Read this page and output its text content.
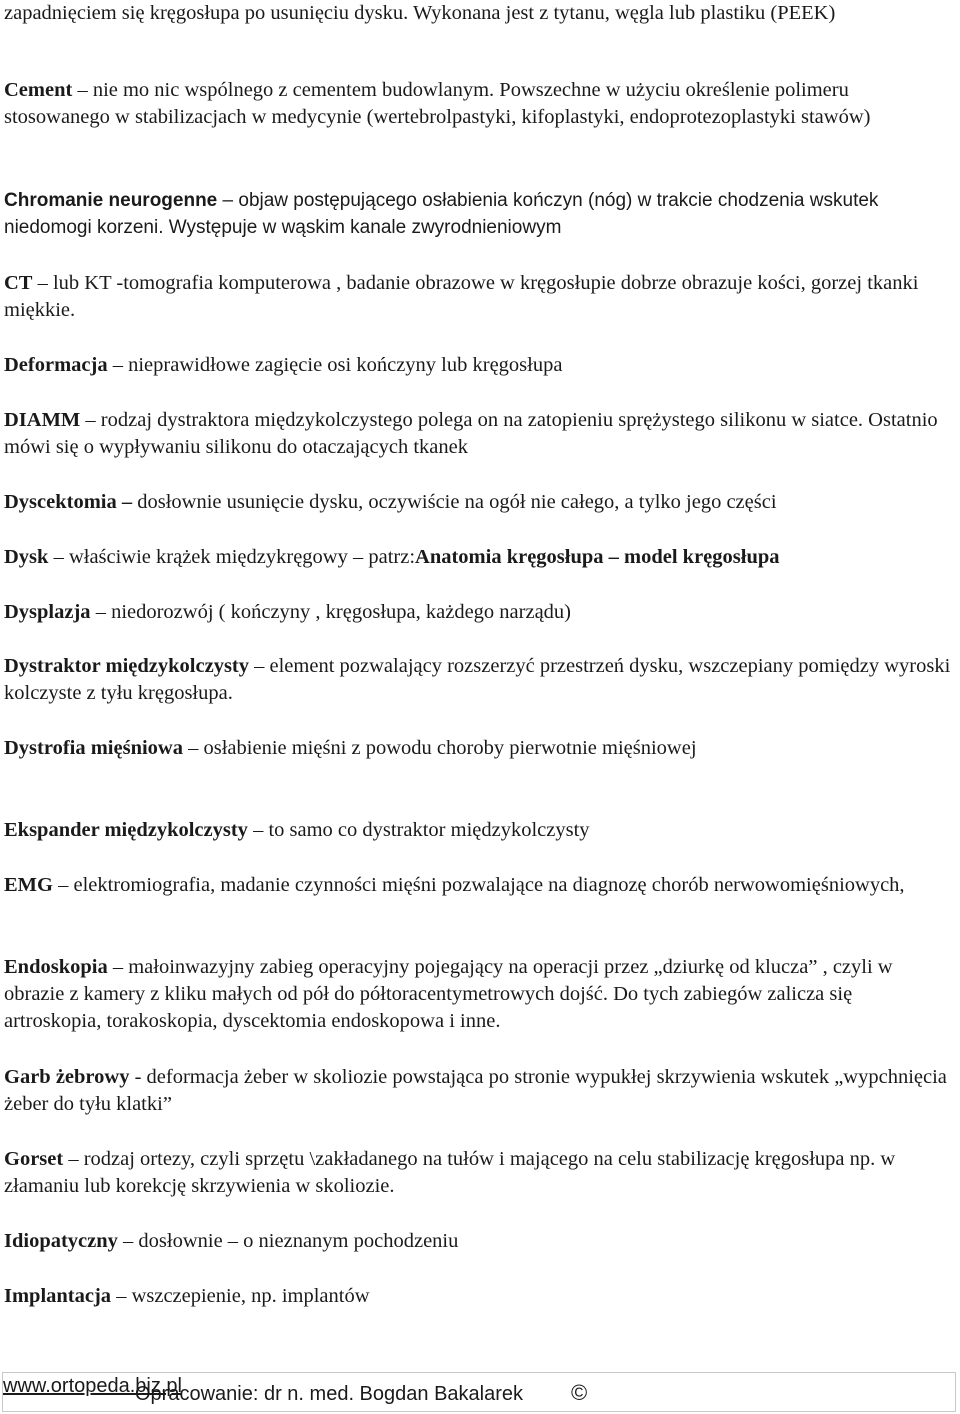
zapadnięciem się kręgosłupa po usunięciu dysku. Wykonana jest z tytanu, węgla lub plastiku (PEEK)

Cement – nie mo nic wspólnego z cementem budowlanym. Powszechne w użyciu określenie polimeru stosowanego w stabilizacjach w medycynie (wertebrolpastyki, kifoplastyki, endoprotezoplastyki stawów)

Chromanie neurogenne – objaw postępującego osłabienia kończyn (nóg) w trakcie chodzenia wskutek niedomogi korzeni. Występuje w wąskim kanale zwyrodnieniowym

CT – lub KT -tomografia komputerowa , badanie obrazowe w kręgosłupie dobrze obrazuje kości, gorzej tkanki miękkie.

Deformacja – nieprawidłowe zagięcie osi kończyny lub kręgosłupa

DIAMM – rodzaj dystraktora międzykolczystego polega on na zatopieniu sprężystego silikonu w siatce. Ostatnio mówi się o wypływaniu silikonu do otaczających tkanek

Dyscektomia – dosłownie usunięcie dysku, oczywiście na ogół nie całego, a tylko jego części

Dysk – właściwie krążek międzykręgowy – patrz:Anatomia kręgosłupa – model kręgosłupa

Dysplazja – niedorozwój ( kończyny , kręgosłupa, każdego narządu)

Dystraktor międzykolczysty – element pozwalający rozszerzyć przestrzeń dysku, wszczepiany pomiędzy wyroski kolczyste z tyłu kręgosłupa.

Dystrofia mięśniowa – osłabienie mięśni z powodu choroby pierwotnie mięśniowej

Ekspander międzykolczysty – to samo co dystraktor międzykolczysty

EMG – elektromiografia, madanie czynności mięśni pozwalające na diagnozę chorób nerwowomięśniowych,

Endoskopia – małoinwazyjny zabieg operacyjny pojegający na operacji przez „dziurkę od klucza” , czyli w obrazie z kamery z kliku małych od pół do półtoracentymetrowych dojść. Do tych zabiegów zalicza się artroskopia, torakoskopia, dyscektomia endoskopowa i inne.

Garb żebrowy - deformacja żeber w skoliozie powstająca po stronie wypukłej skrzywienia wskutek „wypchnięcia żeber do tyłu klatki”

Gorset – rodzaj ortezy, czyli sprzętu \zakładanego na tułów i mającego na celu stabilizację kręgosłupa np. w złamaniu lub korekcję skrzywienia w skoliozie.

Idiopatyczny – dosłownie – o nieznanym pochodzeniu

Implantacja – wszczepienie, np. implantów

Opracowanie: dr n. med. Bogdan Bakalarek ©
www.ortopeda.biz.pl
